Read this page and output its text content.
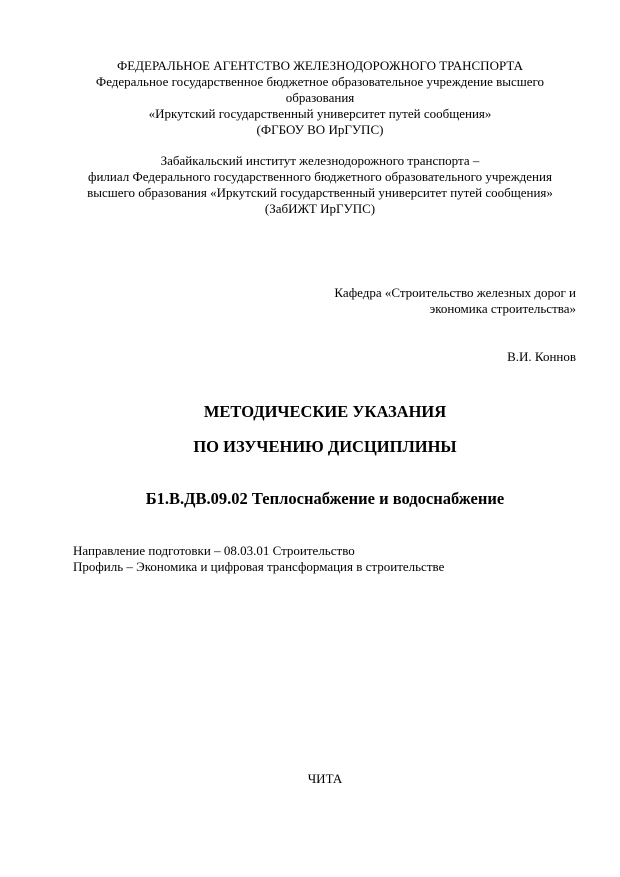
ФЕДЕРАЛЬНОЕ АГЕНТСТВО ЖЕЛЕЗНОДОРОЖНОГО ТРАНСПОРТА
Федеральное государственное бюджетное образовательное учреждение высшего
образования
«Иркутский государственный университет путей сообщения»
(ФГБОУ ВО ИрГУПС)
Забайкальский институт железнодорожного транспорта –
филиал Федерального государственного бюджетного образовательного учреждения
высшего образования «Иркутский государственный университет путей сообщения»
(ЗабИЖТ ИрГУПС)
Кафедра «Строительство железных дорог и
экономика строительства»
В.И. Коннов
МЕТОДИЧЕСКИЕ УКАЗАНИЯ
ПО ИЗУЧЕНИЮ ДИСЦИПЛИНЫ
Б1.В.ДВ.09.02 Теплоснабжение и водоснабжение
Направление подготовки – 08.03.01 Строительство
Профиль – Экономика и цифровая трансформация в строительстве
ЧИТА
